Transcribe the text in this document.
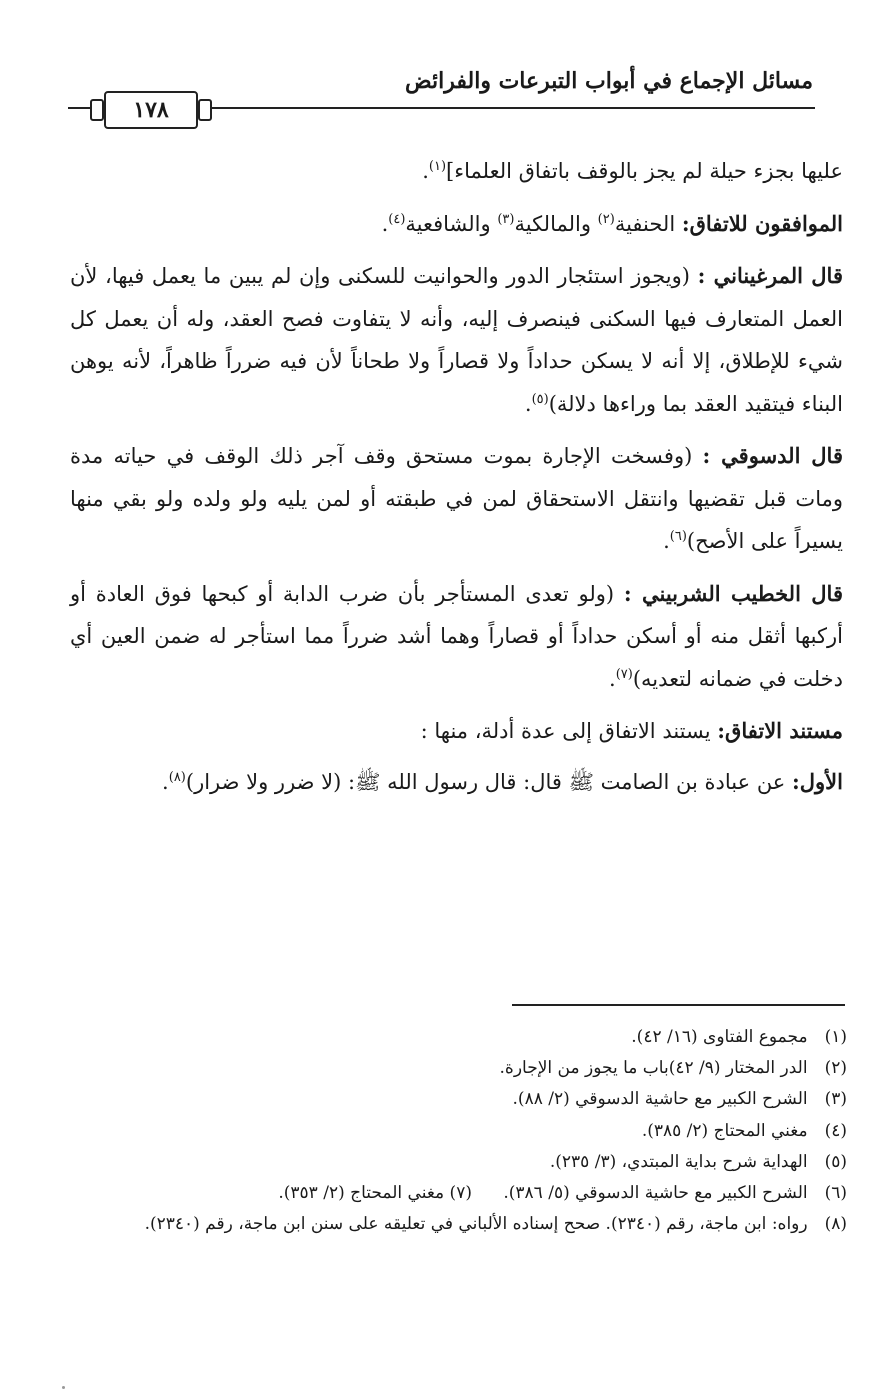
مسائل الإجماع في أبواب التبرعات والفرائض
١٧٨

عليها بجزء حيلة لم يجز بالوقف باتفاق العلماء]$^{(١)}$.

الموافقون للاتفاق: الحنفية$^{(٢)}$ والمالكية$^{(٣)}$ والشافعية$^{(٤)}$.

قال المرغيناني : (ويجوز استئجار الدور والحوانيت للسكنى وإن لم يبين ما يعمل فيها، لأن العمل المتعارف فيها السكنى فينصرف إليه، وأنه لا يتفاوت فصح العقد، وله أن يعمل كل شيء للإطلاق، إلا أنه لا يسكن حداداً ولا قصاراً ولا طحاناً لأن فيه ضرراً ظاهراً، لأنه يوهن البناء فيتقيد العقد بما وراءها دلالة)$^{(٥)}$.

قال الدسوقي : (وفسخت الإجارة بموت مستحق وقف آجر ذلك الوقف في حياته مدة ومات قبل تقضيها وانتقل الاستحقاق لمن في طبقته أو لمن يليه ولو ولده ولو بقي منها يسيراً على الأصح)$^{(٦)}$.

قال الخطيب الشربيني : (ولو تعدى المستأجر بأن ضرب الدابة أو كبحها فوق العادة أو أركبها أثقل منه أو أسكن حداداً أو قصاراً وهما أشد ضرراً مما استأجر له ضمن العين أي دخلت في ضمانه لتعديه)$^{(٧)}$.

مستند الاتفاق: يستند الاتفاق إلى عدة أدلة، منها :

الأول: عن عبادة بن الصامت ﷺ قال: قال رسول الله ﷺ: (لا ضرر ولا ضرار)$^{(٨)}$.

(١) مجموع الفتاوى (١٦/ ٤٢).

(٢) الدر المختار (٩/ ٤٢)باب ما يجوز من الإجارة.

(٣) الشرح الكبير مع حاشية الدسوقي (٢/ ٨٨).

(٤) مغني المحتاج (٢/ ٣٨٥).

(٥) الهداية شرح بداية المبتدي، (٣/ ٢٣٥).

(٦) الشرح الكبير مع حاشية الدسوقي (٥/ ٣٨٦). (٧) مغني المحتاج (٢/ ٣٥٣).

(٨) رواه: ابن ماجة، رقم (٢٣٤٠). صحح إسناده الألباني في تعليقه على سنن ابن ماجة، رقم (٢٣٤٠).
